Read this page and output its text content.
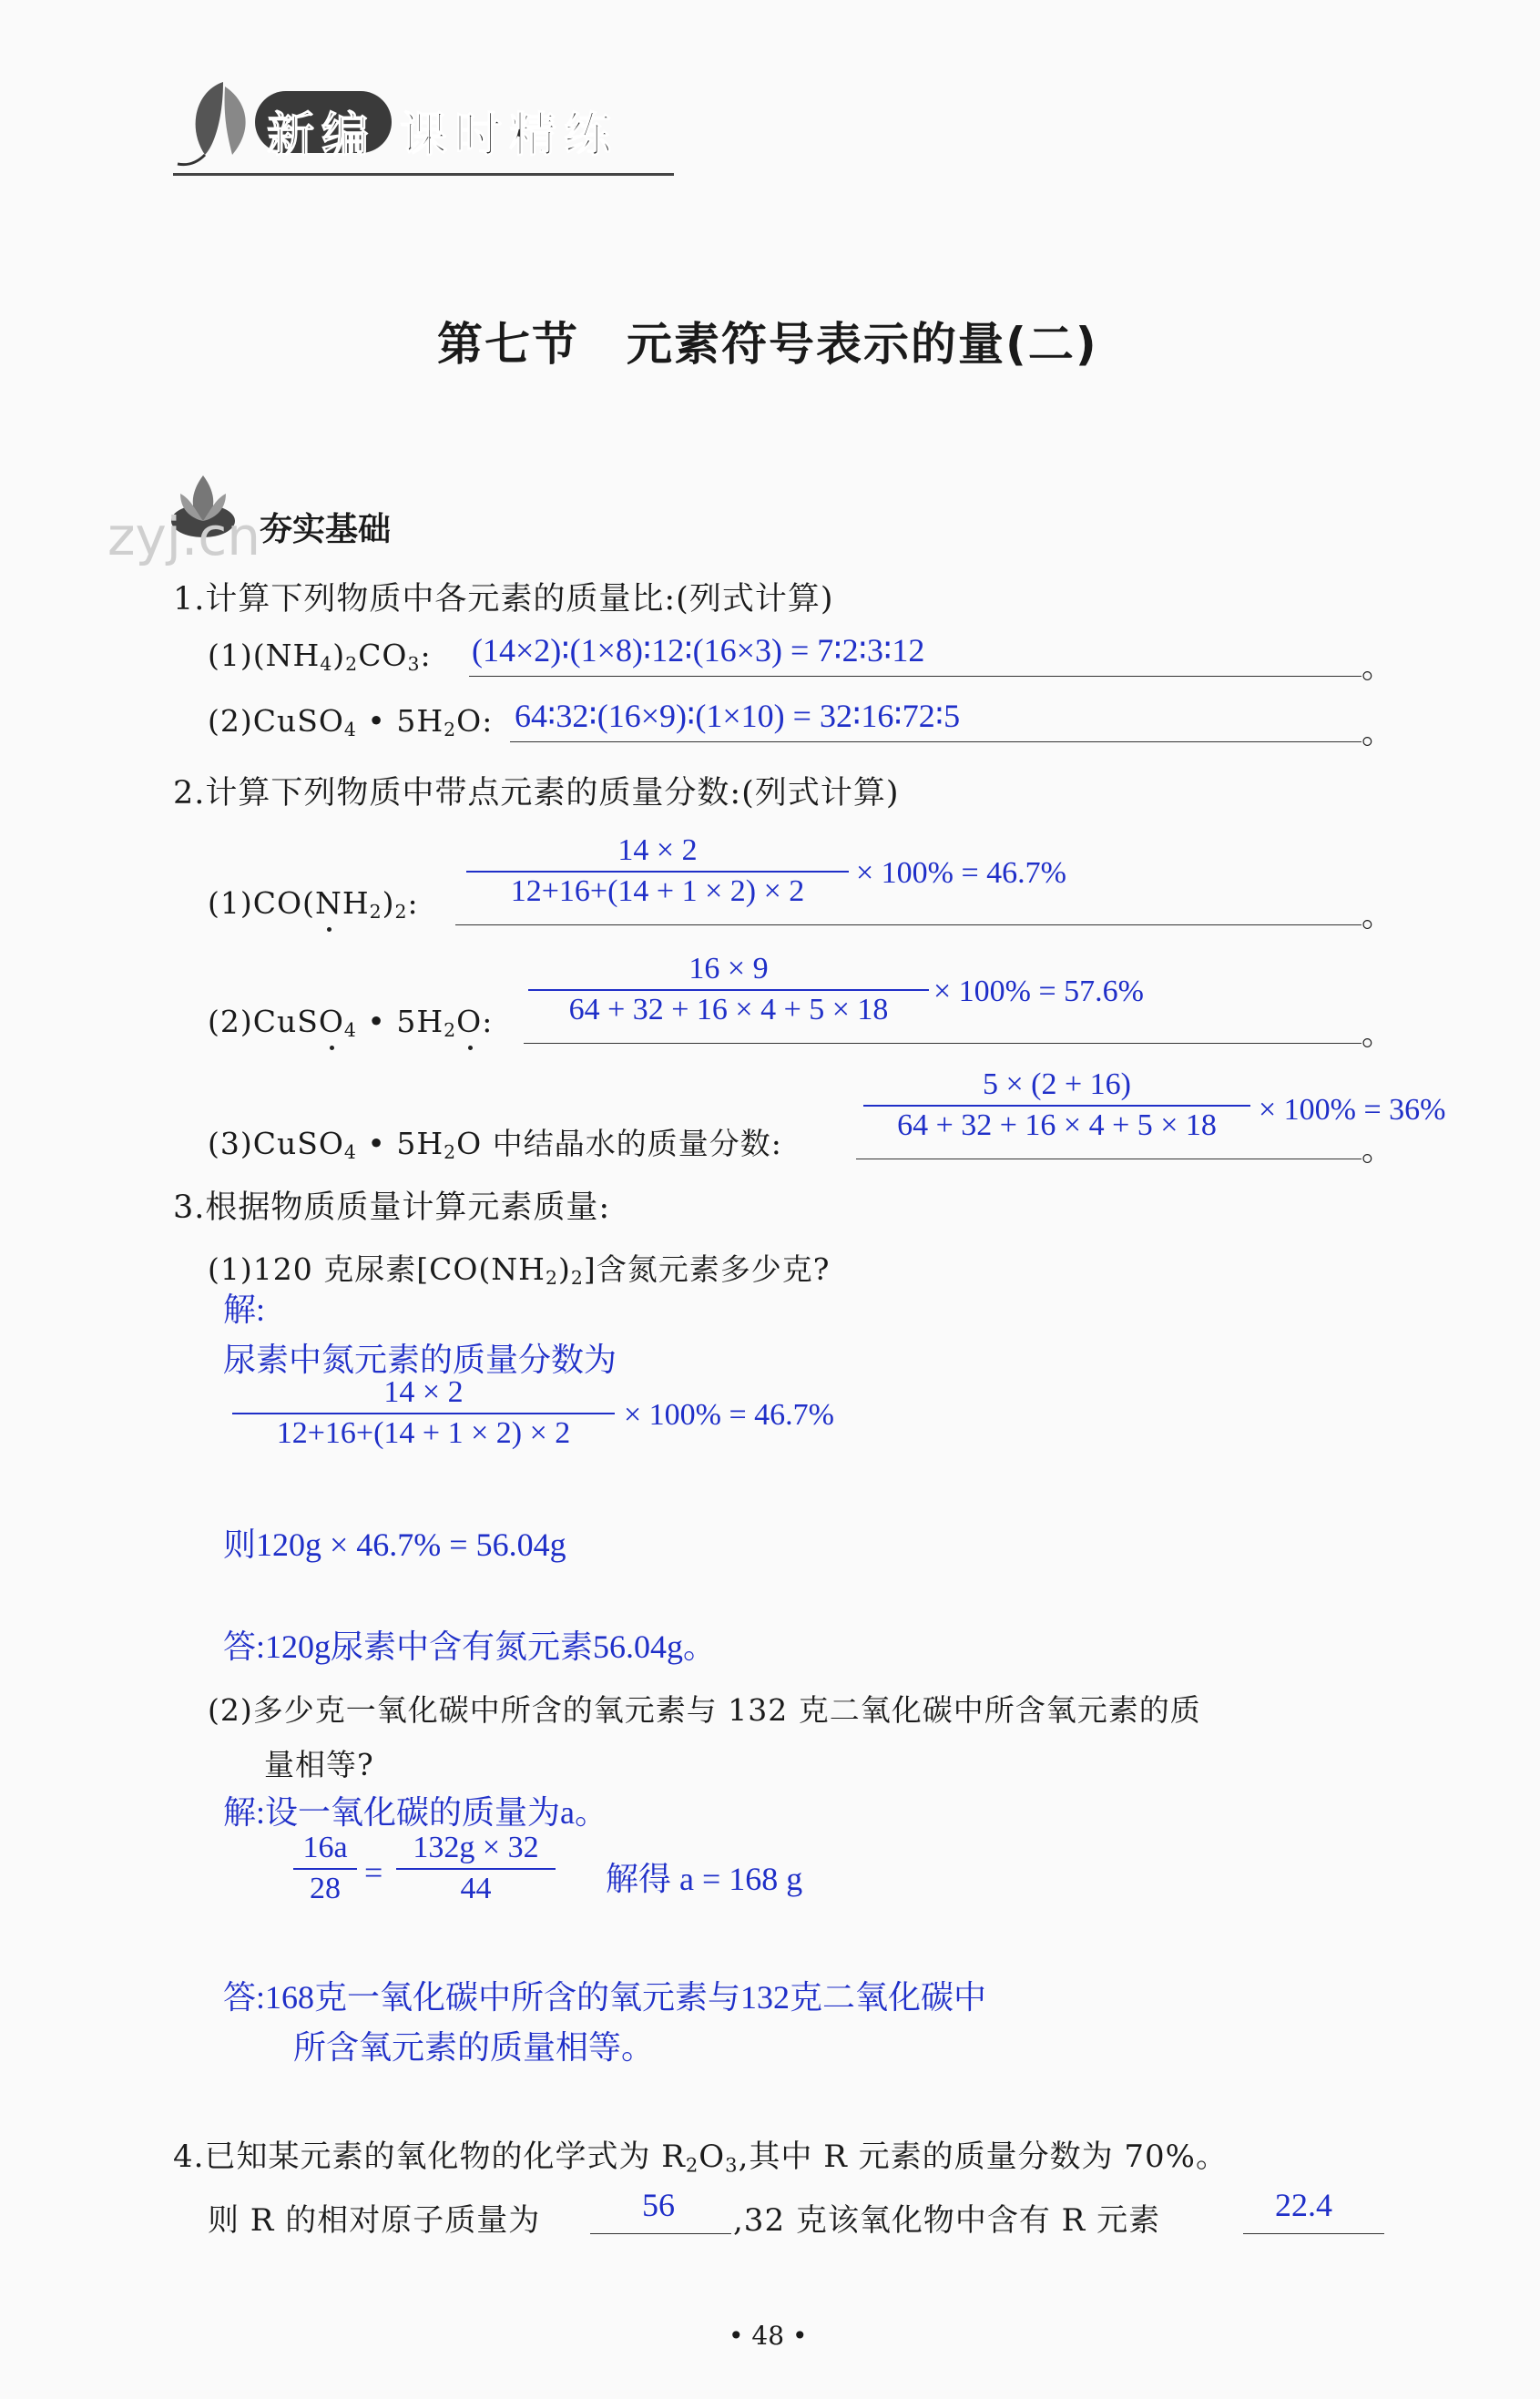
新编 课时精练
第七节　元素符号表示的量(二)
zyj.cn 夯实基础
1.计算下列物质中各元素的质量比:(列式计算)
$(1)(NH_4)_2CO_3$: (14×2)∶(1×8)∶12∶(16×3) = 7∶2∶3∶12	。
(2)CuSO$_4$ • $5H_2O$: 64∶32∶(16×9)∶(1×10) = 32∶16∶72∶5	。
2.计算下列物质中带点元素的质量分数:(列式计算)
$(1)CO(NH_2)_2$:
14 × 2
12+16+(14 + 1 × 2) × 2
× 100% = 46.7%
。
(2)CuSO$_4$ • $5H_2O$:
16 × 9
64 + 32 + 16 × 4 + 5 × 18
× 100% = 57.6%
。
(3)CuSO$_4$ • $5H_2O$ 中结晶水的质量分数:
5 × (2 + 16)
64 + 32 + 16 × 4 + 5 × 18	× 100% = 36%
。
3.根据物质质量计算元素质量:
(1)120 克尿素$[CO(NH_2)_2]$含氮元素多少克?
解:
尿素中氮元素的质量分数为
14 × 2
12+16+(14 + 1 × 2) × 2
× 100% = 46.7%
则120g × 46.7% = 56.04g
答:120g尿素中含有氮元素56.04g。
(2)多少克一氧化碳中所含的氧元素与 132 克二氧化碳中所含氧元素的质
量相等?
解:设一氧化碳的质量为a。
16a
28 =
132g × 32
44	解得 a = 168 g
答:168克一氧化碳中所含的氧元素与132克二氧化碳中
所含氧元素的质量相等。
4.已知某元素的氧化物的化学式为 $R_2O_3$,其中 R 元素的质量分数为 70%。
则 R 的相对原子质量为	56 ,32 克该氧化物中含有 R 元素	22.4
• 48 •
